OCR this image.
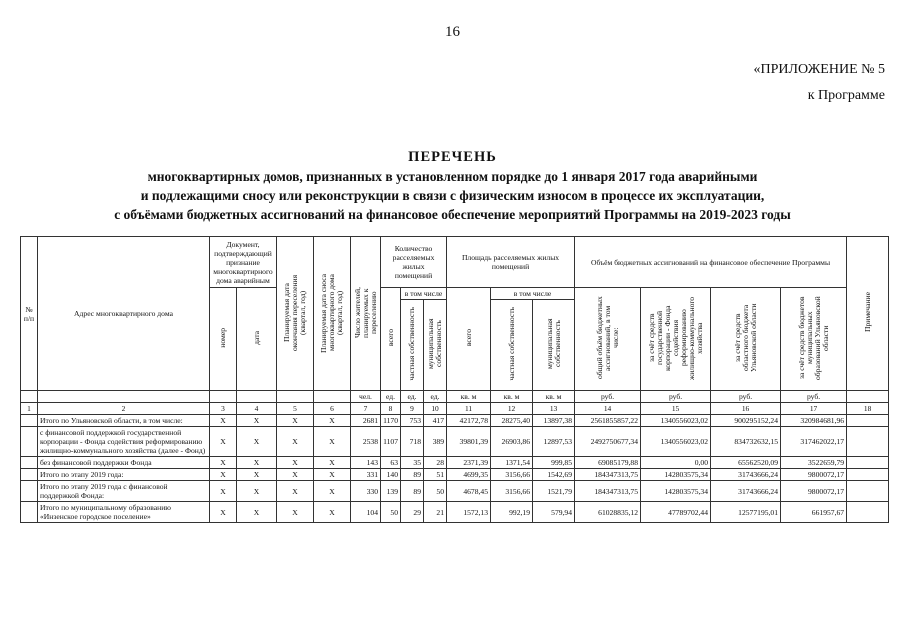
16
«ПРИЛОЖЕНИЕ № 5
к Программе
ПЕРЕЧЕНЬ
многоквартирных домов, признанных в установленном порядке до 1 января 2017 года аварийными
и подлежащими сносу или реконструкции в связи с физическим износом в процессе их эксплуатации,
с объёмами бюджетных ассигнований на финансовое обеспечение мероприятий Программы на 2019-2023 годы
№ п/п	Адрес многоквартирного дома	Документ, подтверждающий признание многоквартирного дома аварийным		Планируемая дата окончания переселения (квартал, год)	Планируемая дата сноса многоквартирного дома (квартал, год)	Число жителей, планируемых к переселению	Количество расселяемых жилых помещений			Площадь расселяемых жилых помещений			Объём бюджетных ассигнований на финансовое обеспечение Программы				Примечание
		номер	дата				всего	в том числе		всего	в том числе		общий объём бюджетных ассигнований, в том числе:	за счёт средств государственной корпорации - Фонда содействия реформированию жилищно-коммунального хозяйства	за счёт средств областного бюджета Ульяновской области	за счёт средств бюджетов муниципальных образований Ульяновской области	
								частная собственность	муниципальная собственность		частная собственность	муниципальная собственность					
						чел.	ед.	ед.	ед.	кв. м	кв. м	кв. м	руб.	руб.	руб.	руб.	
1	2	3	4	5	6	7	8	9	10	11	12	13	14	15	16	17	18
	Итого по Ульяновской области, в том числе:	Х	Х	Х	Х	2681	1170	753	417	42172,78	28275,40	13897,38	2561855857,22	1340556023,02	900295152,24	320984681,96	
	с финансовой поддержкой государственной корпорации - Фонда содействия реформированию жилищно-коммунального хозяйства (далее - Фонд)	Х	Х	Х	Х	2538	1107	718	389	39801,39	26903,86	12897,53	2492750677,34	1340556023,02	834732632,15	317462022,17	
	без финансовой поддержки Фонда	Х	Х	Х	Х	143	63	35	28	2371,39	1371,54	999,85	69085179,88	0,00	65562520,09	3522659,79	
	Итого по этапу 2019 года:	Х	Х	Х	Х	331	140	89	51	4699,35	3156,66	1542,69	184347313,75	142803575,34	31743666,24	9800072,17	
	Итого по этапу 2019 года с финансовой поддержкой Фонда:	Х	Х	Х	Х	330	139	89	50	4678,45	3156,66	1521,79	184347313,75	142803575,34	31743666,24	9800072,17	
	Итого по муниципальному образованию «Инзенское городское поселение»	Х	Х	Х	Х	104	50	29	21	1572,13	992,19	579,94	61028835,12	47789702,44	12577195,01	661957,67	
